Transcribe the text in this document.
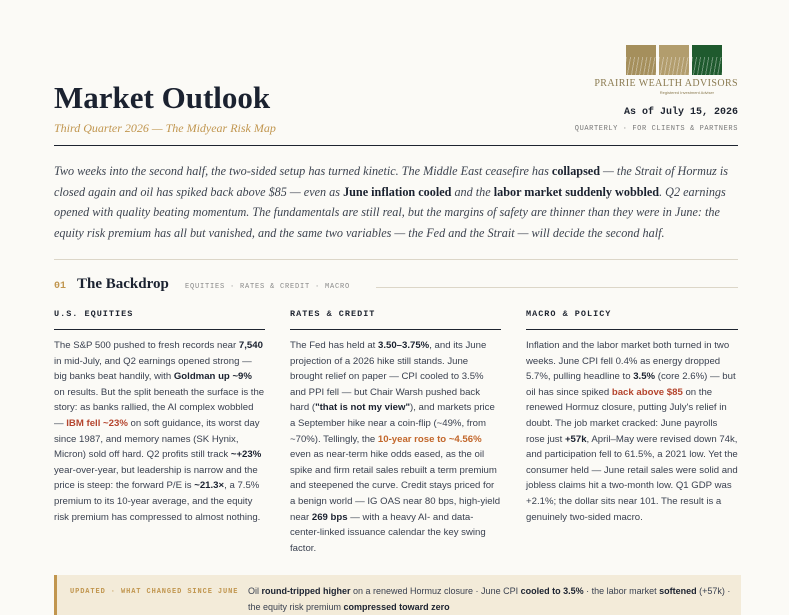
Market Outlook
Third Quarter 2026 — The Midyear Risk Map
PRAIRIE WEALTH ADVISORS
Registered Investment Adviser
As of July 15, 2026
QUARTERLY · FOR CLIENTS & PARTNERS

Two weeks into the second half, the two-sided setup has turned kinetic. The Middle East ceasefire has collapsed — the Strait of Hormuz is closed again and oil has spiked back above $85 — even as June inflation cooled and the labor market suddenly wobbled. Q2 earnings opened with quality beating momentum. The fundamentals are still real, but the margins of safety are thinner than they were in June: the equity risk premium has all but vanished, and the same two variables — the Fed and the Strait — will decide the second half.

01 The Backdrop EQUITIES · RATES & CREDIT · MACRO
U.S. EQUITIES

The S&P 500 pushed to fresh records near 7,540 in mid-July, and Q2 earnings opened strong — big banks beat handily, with Goldman up ~9% on results. But the split beneath the surface is the story: as banks rallied, the AI complex wobbled — IBM fell ~23% on soft guidance, its worst day since 1987, and memory names (SK Hynix, Micron) sold off hard. Q2 profits still track ~+23% year-over-year, but leadership is narrow and the price is steep: the forward P/E is ~21.3×, a 7.5% premium to its 10-year average, and the equity risk premium has compressed to almost nothing.

RATES & CREDIT

The Fed has held at 3.50–3.75%, and its June projection of a 2026 hike still stands. June brought relief on paper — CPI cooled to 3.5% and PPI fell — but Chair Warsh pushed back hard ("that is not my view"), and markets price a September hike near a coin-flip (~49%, from ~70%). Tellingly, the 10-year rose to ~4.56% even as near-term hike odds eased, as the oil spike and firm retail sales rebuilt a term premium and steepened the curve. Credit stays priced for a benign world — IG OAS near 80 bps, high-yield near 269 bps — with a heavy AI- and data-center-linked issuance calendar the key swing factor.

MACRO & POLICY

Inflation and the labor market both turned in two weeks. June CPI fell 0.4% as energy dropped 5.7%, pulling headline to 3.5% (core 2.6%) — but oil has since spiked back above $85 on the renewed Hormuz closure, putting July's relief in doubt. The job market cracked: June payrolls rose just +57k, April–May were revised down 74k, and participation fell to 61.5%, a 2021 low. Yet the consumer held — June retail sales were solid and jobless claims hit a two-month low. Q1 GDP was +2.1%; the dollar sits near 101. The result is a genuinely two-sided macro.

UPDATED · WHAT CHANGED SINCE JUNE Oil round-tripped higher on a renewed Hormuz closure · June CPI cooled to 3.5% · the labor market softened (+57k) · the equity risk premium compressed toward zero
